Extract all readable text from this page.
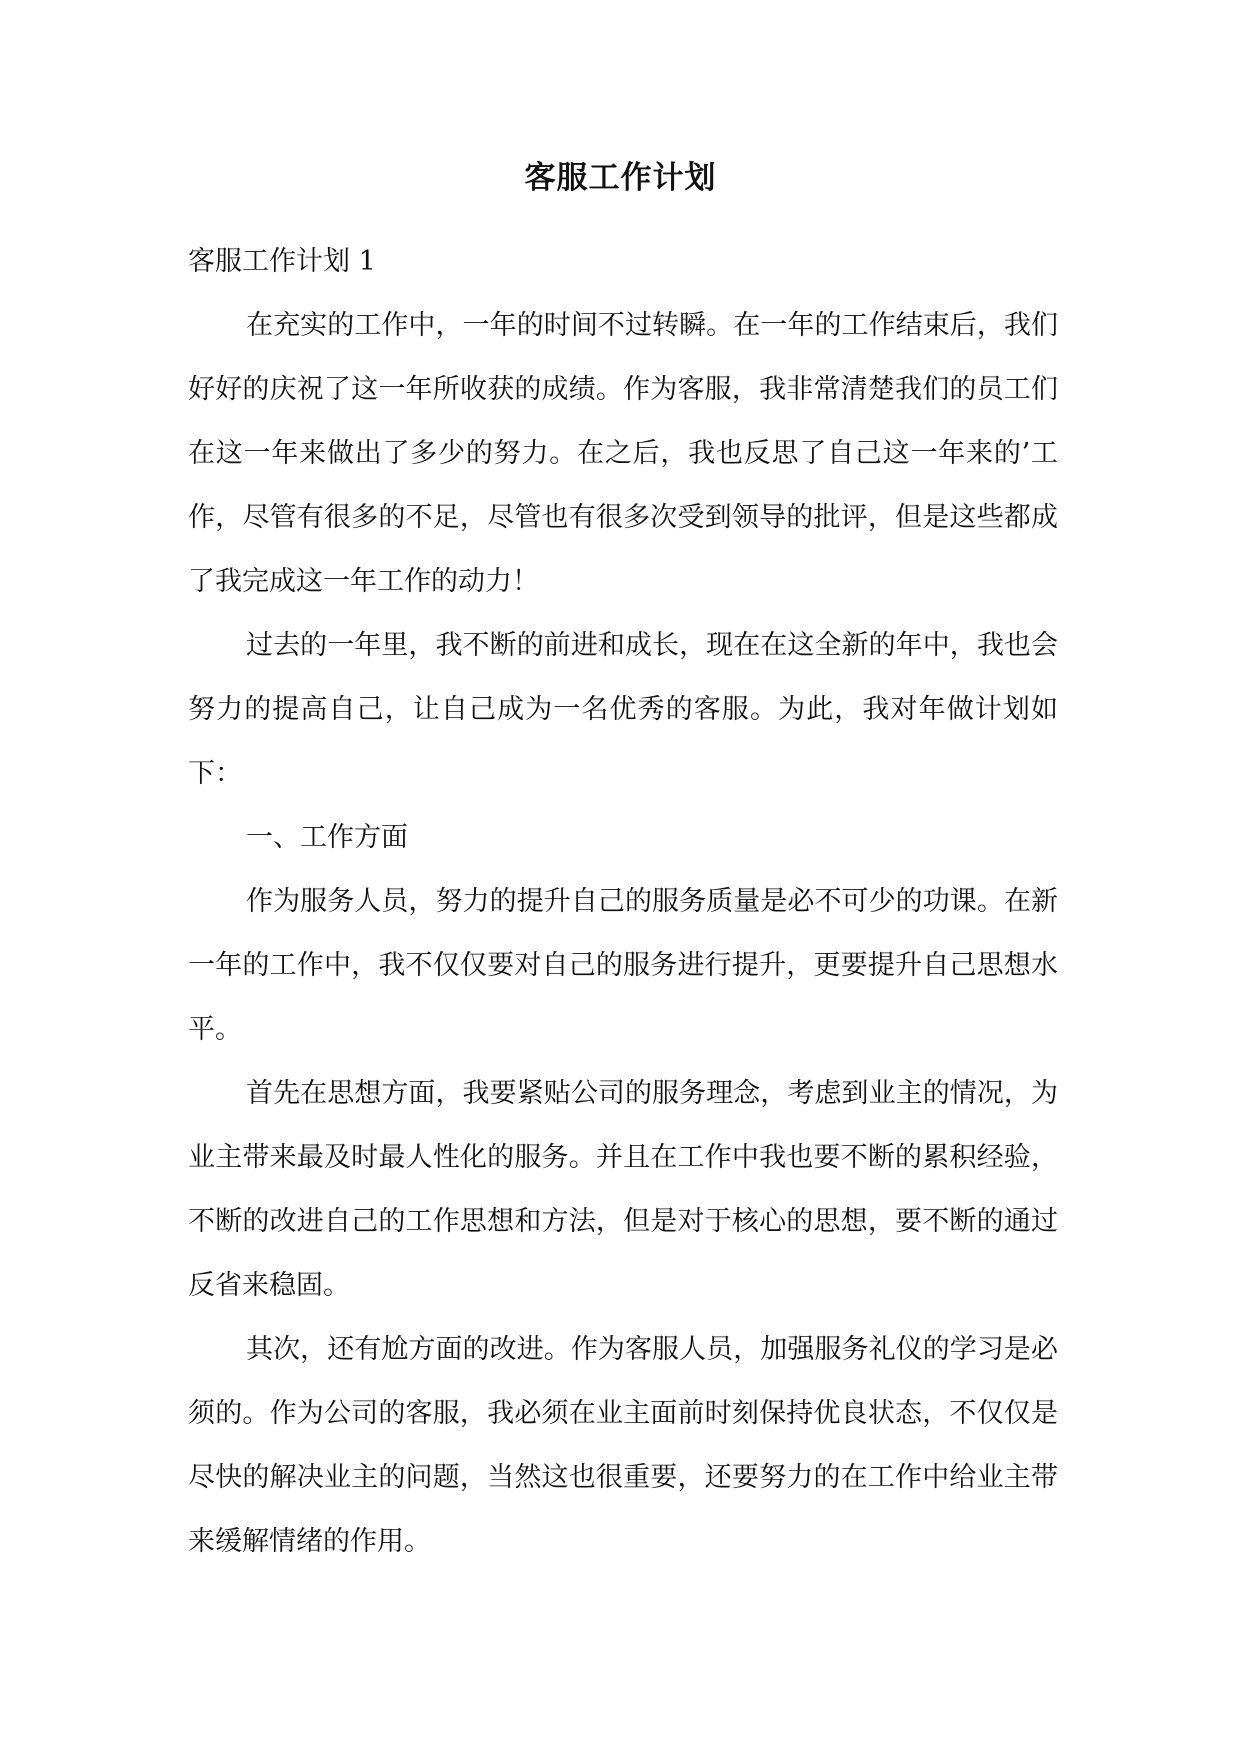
客服工作计划

客服工作计划 1

在充实的工作中，一年的时间不过转瞬。在一年的工作结束后，我们好好的庆祝了这一年所收获的成绩。作为客服，我非常清楚我们的员工们在这一年来做出了多少的努力。在之后，我也反思了自己这一年来的’工作，尽管有很多的不足，尽管也有很多次受到领导的批评，但是这些都成了我完成这一年工作的动力！

过去的一年里，我不断的前进和成长，现在在这全新的年中，我也会努力的提高自己，让自己成为一名优秀的客服。为此，我对年做计划如下：

一、工作方面

作为服务人员，努力的提升自己的服务质量是必不可少的功课。在新一年的工作中，我不仅仅要对自己的服务进行提升，更要提升自己思想水平。

首先在思想方面，我要紧贴公司的服务理念，考虑到业主的情况，为业主带来最及时最人性化的服务。并且在工作中我也要不断的累积经验，不断的改进自己的工作思想和方法，但是对于核心的思想，要不断的通过反省来稳固。

其次，还有尬方面的改进。作为客服人员，加强服务礼仪的学习是必须的。作为公司的客服，我必须在业主面前时刻保持优良状态，不仅仅是尽快的解决业主的问题，当然这也很重要，还要努力的在工作中给业主带来缓解情绪的作用。
